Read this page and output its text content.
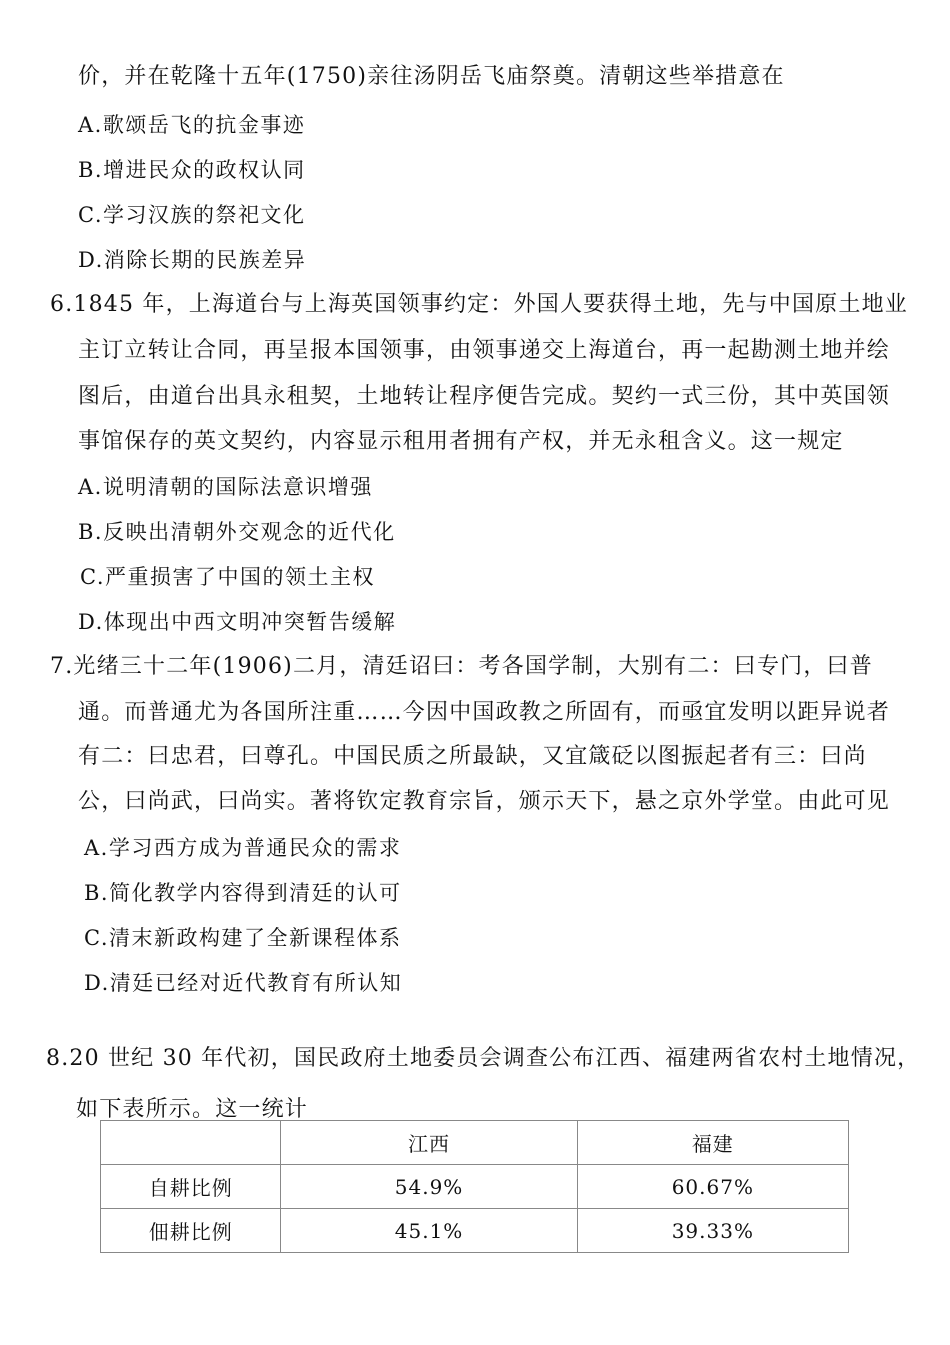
价，并在乾隆十五年(1750)亲往汤阴岳飞庙祭奠。清朝这些举措意在
A.歌颂岳飞的抗金事迹
B.增进民众的政权认同
C.学习汉族的祭祀文化
D.消除长期的民族差异
6.1845 年，上海道台与上海英国领事约定：外国人要获得土地，先与中国原土地业
主订立转让合同，再呈报本国领事，由领事递交上海道台，再一起勘测土地并绘
图后，由道台出具永租契，土地转让程序便告完成。契约一式三份，其中英国领
事馆保存的英文契约，内容显示租用者拥有产权，并无永租含义。这一规定
A.说明清朝的国际法意识增强
B.反映出清朝外交观念的近代化
C.严重损害了中国的领土主权
D.体现出中西文明冲突暂告缓解
7.光绪三十二年(1906)二月，清廷诏曰：考各国学制，大别有二：曰专门，曰普
通。而普通尤为各国所注重……今因中国政教之所固有，而亟宜发明以距异说者
有二：曰忠君，曰尊孔。中国民质之所最缺，又宜箴砭以图振起者有三：曰尚
公，曰尚武，曰尚实。著将钦定教育宗旨，颁示天下，悬之京外学堂。由此可见
A.学习西方成为普通民众的需求
B.简化教学内容得到清廷的认可
C.清末新政构建了全新课程体系
D.清廷已经对近代教育有所认知
8.20 世纪 30 年代初，国民政府土地委员会调查公布江西、福建两省农村土地情况，
如下表所示。这一统计
	江西	福建
自耕比例	54.9%	60.67%
佃耕比例	45.1%	39.33%
